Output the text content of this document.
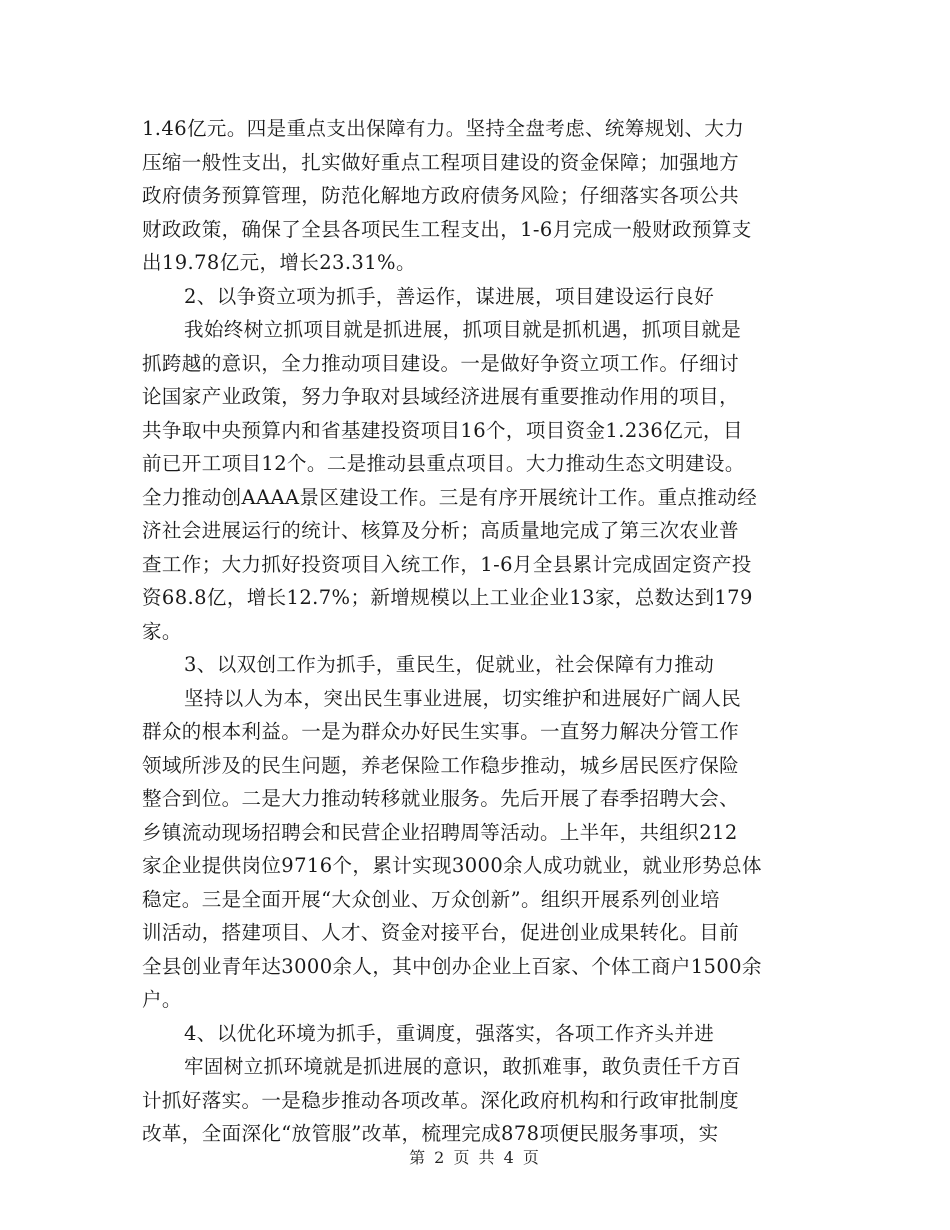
1.46亿元。四是重点支出保障有力。坚持全盘考虑、统筹规划、大力
压缩一般性支出，扎实做好重点工程项目建设的资金保障；加强地方
政府债务预算管理，防范化解地方政府债务风险；仔细落实各项公共
财政政策，确保了全县各项民生工程支出，1-6月完成一般财政预算支
出19.78亿元，增长23.31%。
2、以争资立项为抓手，善运作，谋进展，项目建设运行良好
我始终树立抓项目就是抓进展，抓项目就是抓机遇，抓项目就是
抓跨越的意识，全力推动项目建设。一是做好争资立项工作。仔细讨
论国家产业政策，努力争取对县域经济进展有重要推动作用的项目，
共争取中央预算内和省基建投资项目16个，项目资金1.236亿元，目
前已开工项目12个。二是推动县重点项目。大力推动生态文明建设。
全力推动创AAAA景区建设工作。三是有序开展统计工作。重点推动经
济社会进展运行的统计、核算及分析；高质量地完成了第三次农业普
查工作；大力抓好投资项目入统工作，1-6月全县累计完成固定资产投
资68.8亿，增长12.7%；新增规模以上工业企业13家，总数达到179
家。
3、以双创工作为抓手，重民生，促就业，社会保障有力推动
坚持以人为本，突出民生事业进展，切实维护和进展好广阔人民
群众的根本利益。一是为群众办好民生实事。一直努力解决分管工作
领域所涉及的民生问题，养老保险工作稳步推动，城乡居民医疗保险
整合到位。二是大力推动转移就业服务。先后开展了春季招聘大会、
乡镇流动现场招聘会和民营企业招聘周等活动。上半年，共组织212
家企业提供岗位9716个，累计实现3000余人成功就业，就业形势总体
稳定。三是全面开展“大众创业、万众创新”。组织开展系列创业培
训活动，搭建项目、人才、资金对接平台，促进创业成果转化。目前
全县创业青年达3000余人，其中创办企业上百家、个体工商户1500余
户。
4、以优化环境为抓手，重调度，强落实，各项工作齐头并进
牢固树立抓环境就是抓进展的意识，敢抓难事，敢负责任千方百
计抓好落实。一是稳步推动各项改革。深化政府机构和行政审批制度
改革，全面深化“放管服”改革，梳理完成878项便民服务事项，实
第 2 页 共 4 页
